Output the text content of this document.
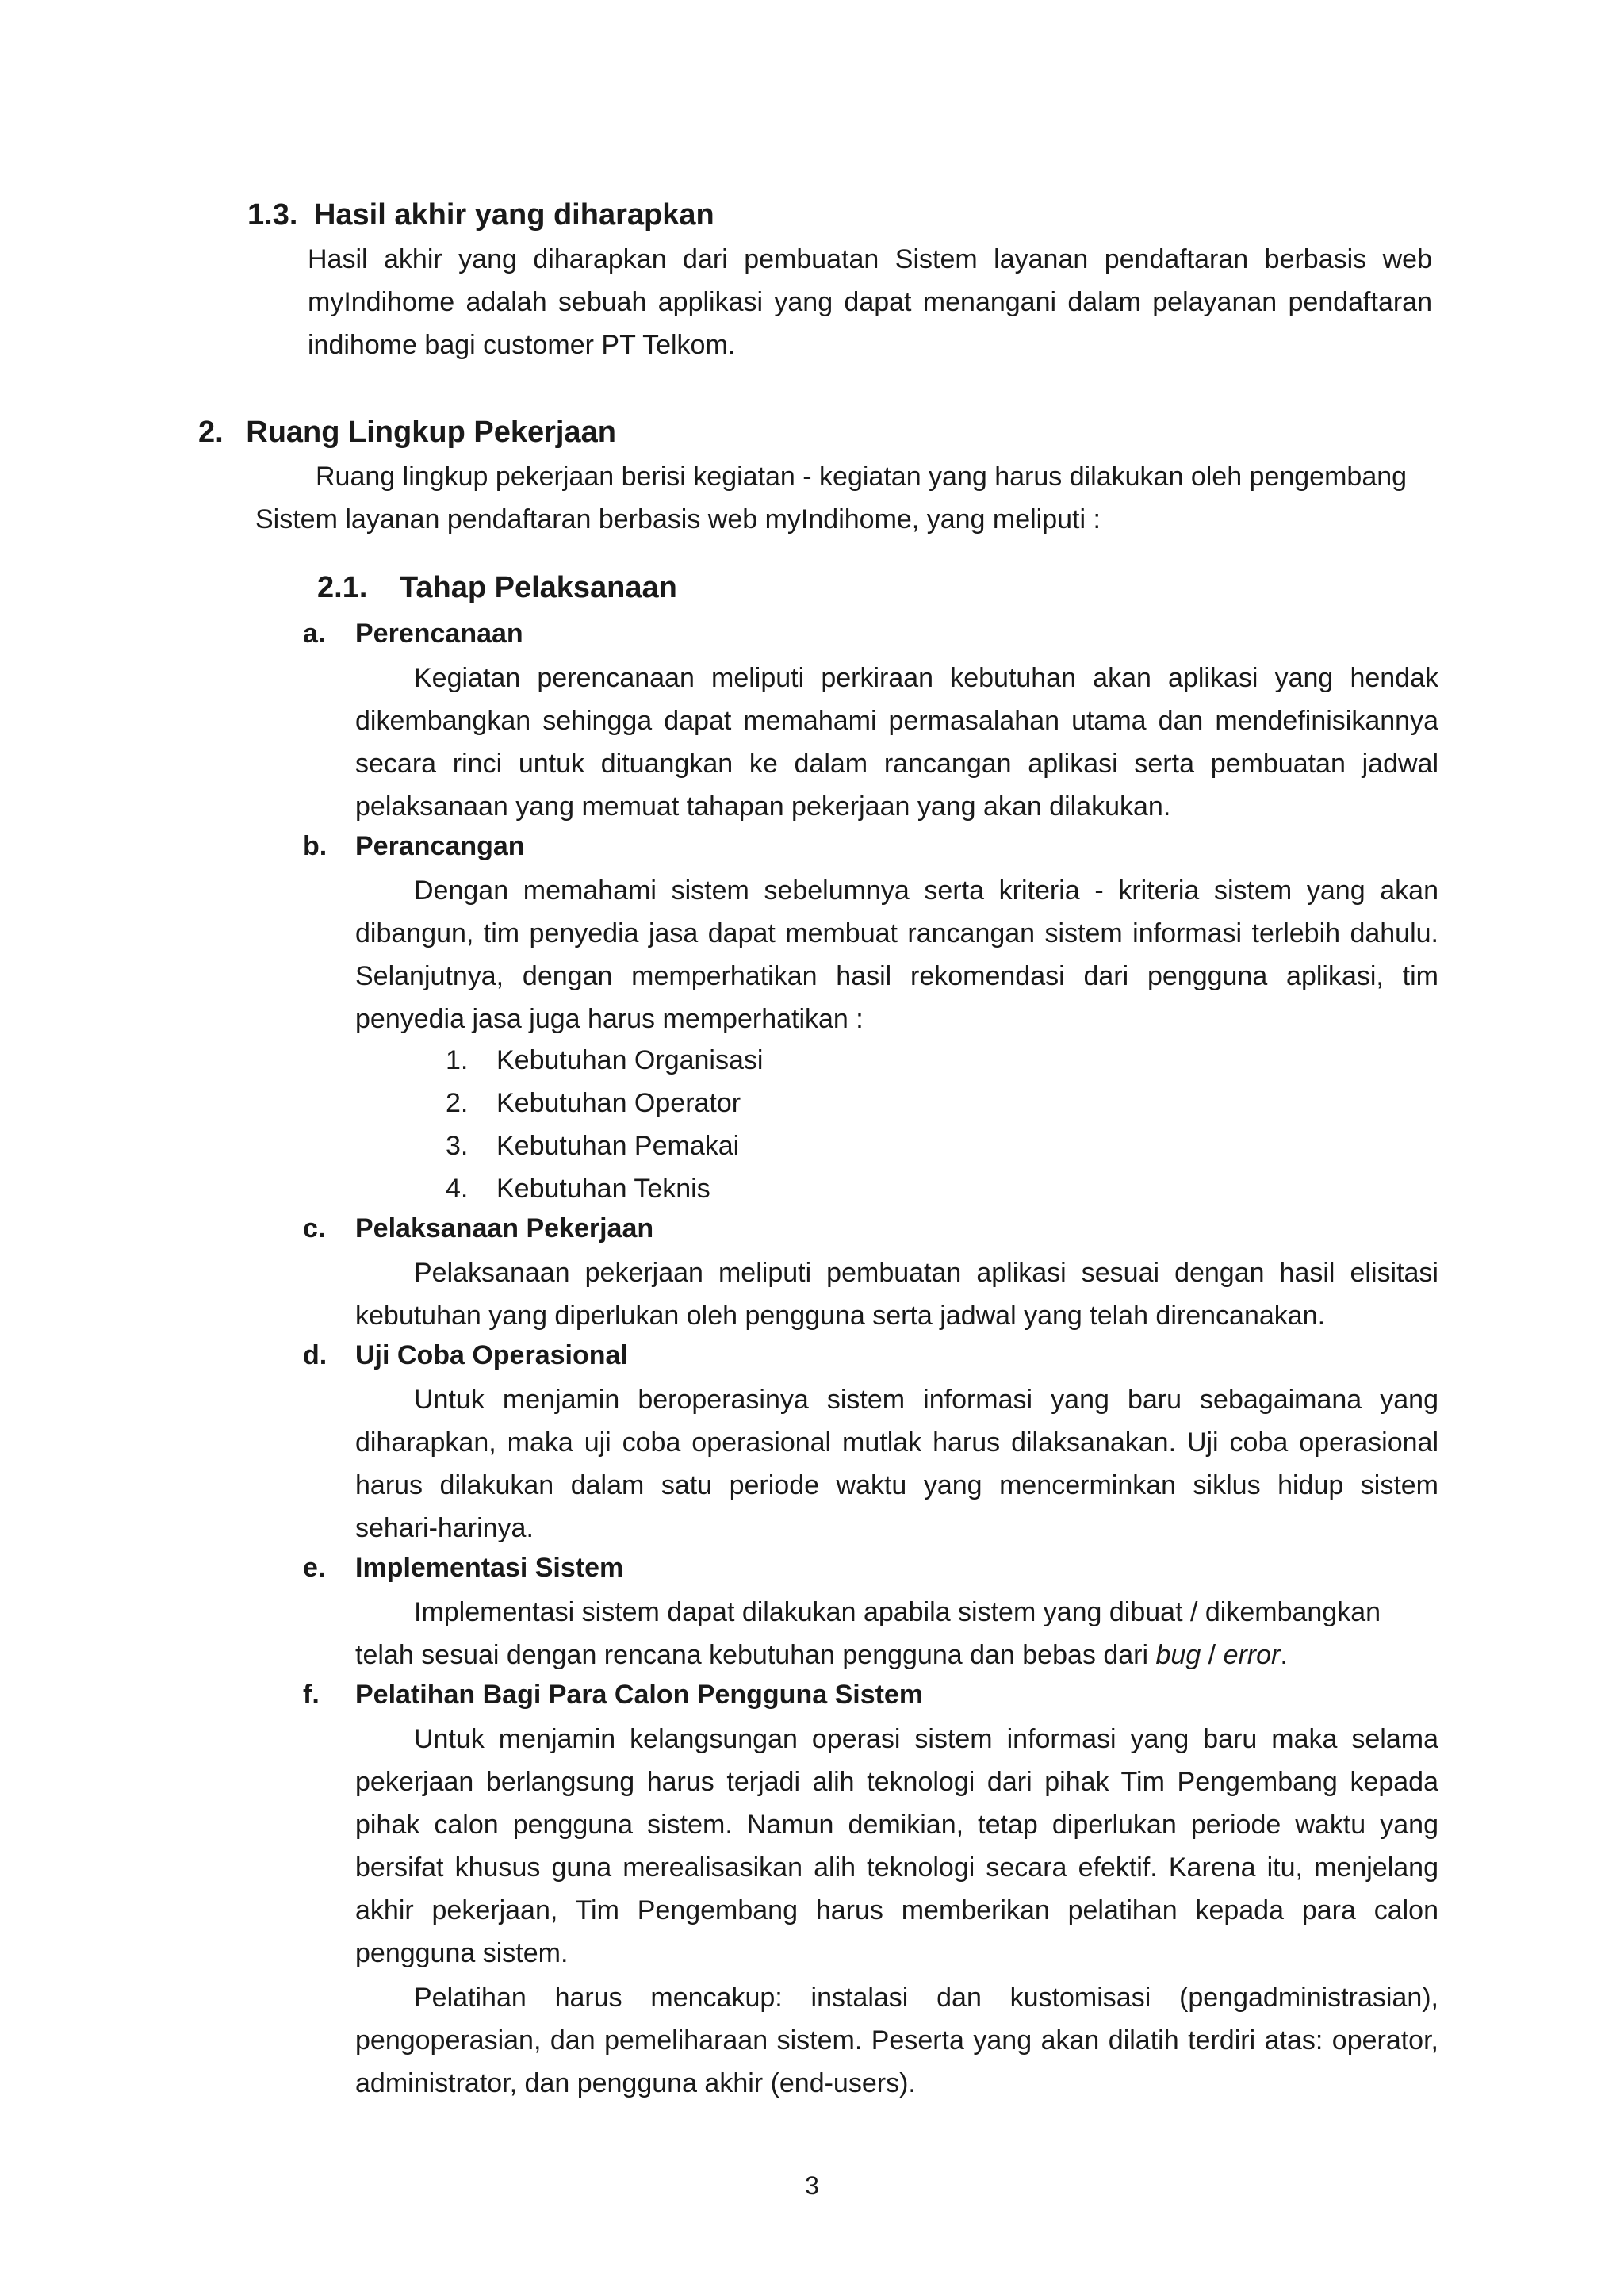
1.3. Hasil akhir yang diharapkan
Hasil akhir yang diharapkan dari pembuatan Sistem layanan pendaftaran berbasis web
myIndihome adalah sebuah applikasi yang dapat menangani dalam pelayanan pendaftaran
indihome bagi customer PT Telkom.
2. Ruang Lingkup Pekerjaan
Ruang lingkup pekerjaan berisi kegiatan - kegiatan yang harus dilakukan oleh pengembang
Sistem layanan pendaftaran berbasis web myIndihome, yang meliputi :
2.1. Tahap Pelaksanaan
a. Perencanaan
Kegiatan perencanaan meliputi perkiraan kebutuhan akan aplikasi yang hendak
dikembangkan sehingga dapat memahami permasalahan utama dan mendefinisikannya
secara rinci untuk dituangkan ke dalam rancangan aplikasi serta pembuatan jadwal
pelaksanaan yang memuat tahapan pekerjaan yang akan dilakukan.
b. Perancangan
Dengan memahami sistem sebelumnya serta kriteria - kriteria sistem yang akan
dibangun, tim penyedia jasa dapat membuat rancangan sistem informasi terlebih dahulu.
Selanjutnya, dengan memperhatikan hasil rekomendasi dari pengguna aplikasi, tim
penyedia jasa juga harus memperhatikan :
1. Kebutuhan Organisasi
2. Kebutuhan Operator
3. Kebutuhan Pemakai
4. Kebutuhan Teknis
c. Pelaksanaan Pekerjaan
Pelaksanaan pekerjaan meliputi pembuatan aplikasi sesuai dengan hasil elisitasi
kebutuhan yang diperlukan oleh pengguna serta jadwal yang telah direncanakan.
d. Uji Coba Operasional
Untuk menjamin beroperasinya sistem informasi yang baru sebagaimana yang
diharapkan, maka uji coba operasional mutlak harus dilaksanakan. Uji coba operasional
harus dilakukan dalam satu periode waktu yang mencerminkan siklus hidup sistem
sehari-harinya.
e. Implementasi Sistem
Implementasi sistem dapat dilakukan apabila sistem yang dibuat / dikembangkan
telah sesuai dengan rencana kebutuhan pengguna dan bebas dari bug / error.
f. Pelatihan Bagi Para Calon Pengguna Sistem
Untuk menjamin kelangsungan operasi sistem informasi yang baru maka selama
pekerjaan berlangsung harus terjadi alih teknologi dari pihak Tim Pengembang kepada
pihak calon pengguna sistem. Namun demikian, tetap diperlukan periode waktu yang
bersifat khusus guna merealisasikan alih teknologi secara efektif. Karena itu, menjelang
akhir pekerjaan, Tim Pengembang harus memberikan pelatihan kepada para calon
pengguna sistem.
Pelatihan harus mencakup: instalasi dan kustomisasi (pengadministrasian),
pengoperasian, dan pemeliharaan sistem. Peserta yang akan dilatih terdiri atas: operator,
administrator, dan pengguna akhir (end-users).
3
